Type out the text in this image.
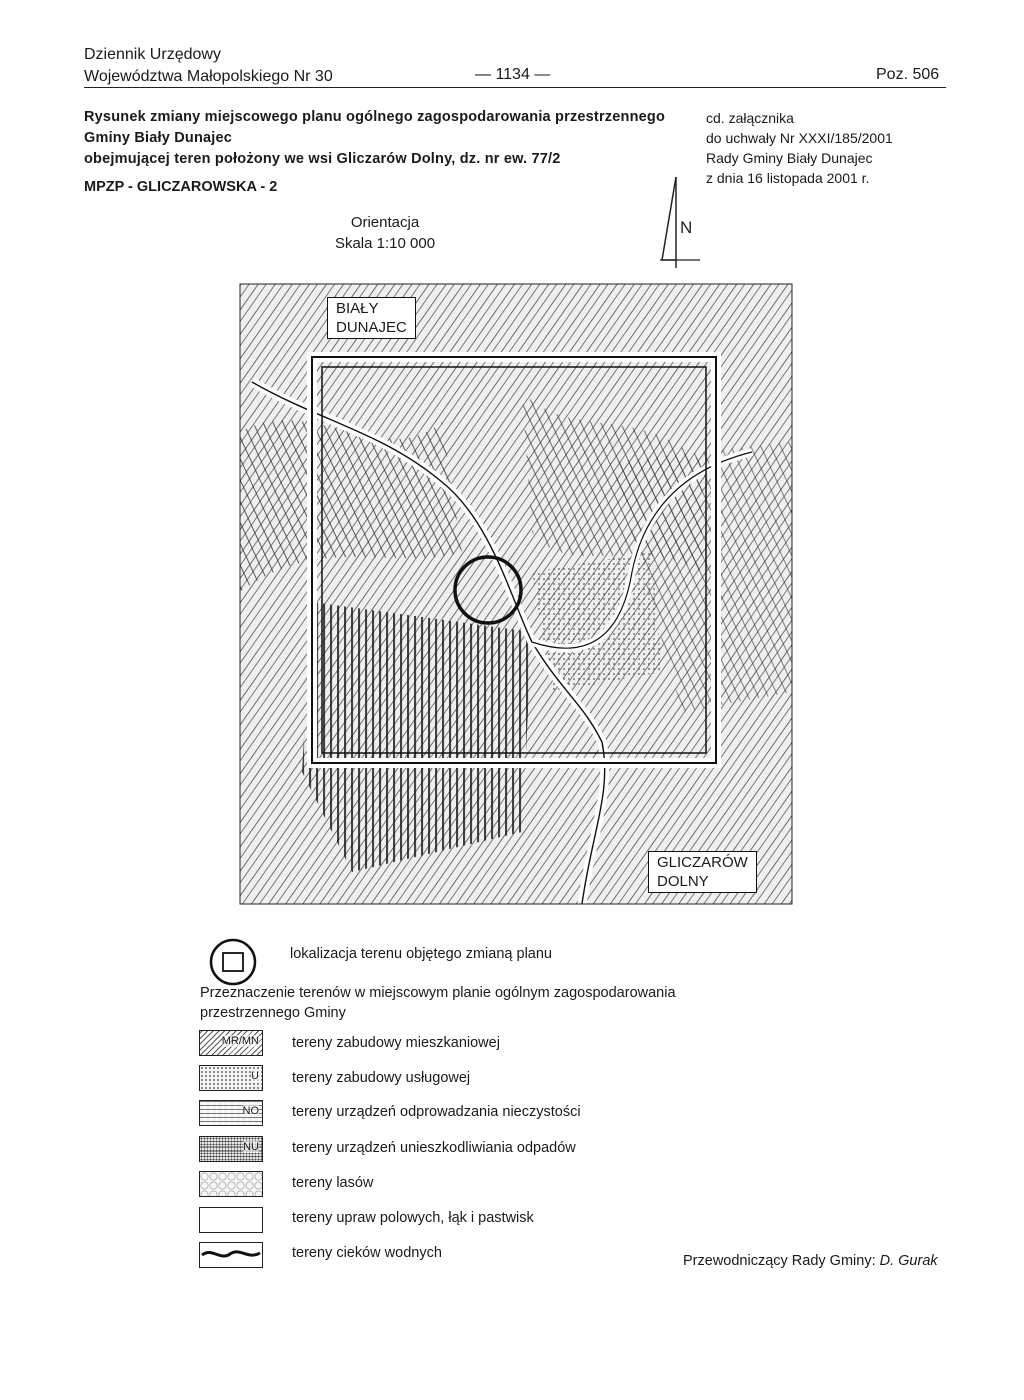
Dziennik Urzędowy
Województwa Małopolskiego Nr 30	— 1134 —	Poz. 506
Rysunek zmiany miejscowego planu ogólnego zagospodarowania przestrzennego
Gminy Biały Dunajec
obejmującej teren położony we wsi Gliczarów Dolny, dz. nr ew. 77/2
cd. załącznika
do uchwały Nr XXXI/185/2001
Rady Gminy Biały Dunajec
z dnia 16 listopada 2001 r.
MPZP - GLICZAROWSKA - 2
Orientacja
Skala 1:10 000
N
BIAŁY
DUNAJEC
GLICZARÓW
DOLNY
lokalizacja terenu objętego zmianą planu
Przeznaczenie terenów w miejscowym planie ogólnym zagospodarowania przestrzennego Gminy
MR/MN tereny zabudowy mieszkaniowej
U tereny zabudowy usługowej
NO tereny urządzeń odprowadzania nieczystości
NU tereny urządzeń unieszkodliwiania odpadów
tereny lasów
tereny upraw polowych, łąk i pastwisk
tereny cieków wodnych	Przewodniczący Rady Gminy: D. Gurak
